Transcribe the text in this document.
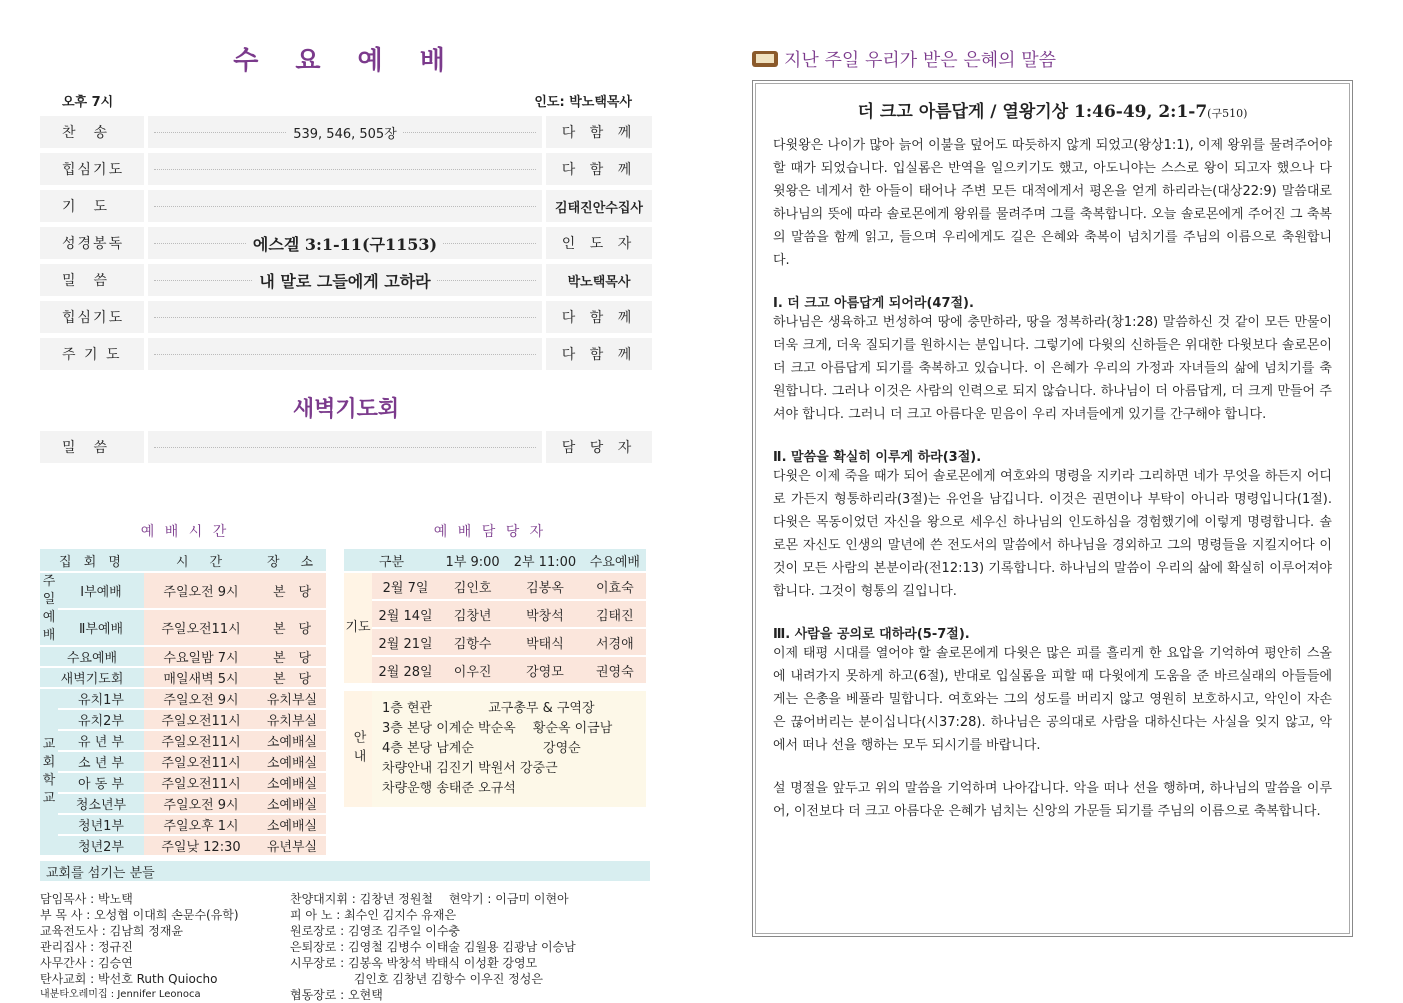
수 요 예 배
오후 7시	인도: 박노택목사
찬　송	539, 546, 505장	다 함 께
힙심기도	다 함 께
기　도	김태진안수집사
성경봉독	에스겔 3:1-11(구1153)	인 도 자
밀　씀	내 말로 그들에게 고하라	박노택목사
힙심기도	다 함 께
주 기 도	다 함 께
새벽기도회
밀　씀	담 당 자
예 배 시 간	예 배 담 당 자
집 회 명		시　간	장　소
주일예배	Ⅰ부예배	주일오전 9시	본　당
	Ⅱ부예배	주일오전11시	본　당
수요예배		수요일밤 7시	본　당
새벽기도회		매일새벽 5시	본　당
교회학교	유치1부	주일오전 9시	유치부실
	유치2부	주일오전11시	유치부실
	유 년 부	주일오전11시	소예배실
	소 년 부	주일오전11시	소예배실
	아 동 부	주일오전11시	소예배실
	청소년부	주일오전 9시	소예배실
	청년1부	주일오후 1시	소예배실
	청년2부	주일낮 12:30	유년부실
구분		1부 9:00	2부 11:00	수요예배
기도	2월 7일	김인호	김봉옥	이효숙
	2월 14일	김창년	박창석	김태진
	2월 21일	김항수	박태식	서경애
	2월 28일	이우진	강영모	권영숙
안내
1층 현관　　　　 교구총무 & 구역장
3층 본당 이계순 박순옥　 황순옥 이금남
4층 본당 남계순　　　　　 강영순
차량안내 김진기 박원서 강중근
차량운행 송태준 오규석
교회를 섬기는 분들
담임목사 : 박노택
부 목 사 : 오성협 이대희 손문수(유학)
교육전도사 : 김남희 정재윤
관리집사 : 정규진
사무간사 : 김승연
탄사교회 : 박선호 Ruth Quiocho
내분타오레미집 : Jennifer Leonoca
찬양대지휘 : 김창년 정원철　 현악기 : 이금미 이현아
피 아 노 : 최수인 김지수 유재은
원로장로 : 김영조 김주일 이수충
은퇴장로 : 김영철 김병수 이태술 김월용 김광남 이승남
시무장로 : 김봉옥 박창석 박태식 이성환 강영모
　　　　　 김인호 김창년 김항수 이우진 정성은
협동장로 : 오현택
지난 주일 우리가 받은 은혜의 말씀
더 크고 아름답게 / 열왕기상 1:46-49, 2:1-7(구510)

다윗왕은 나이가 많아 늙어 이불을 덮어도 따듯하지 않게 되었고(왕상1:1), 이제 왕위를 물려주어야 할 때가 되었습니다. 입실롬은 반역을 일으키기도 했고, 아도니야는 스스로 왕이 되고자 했으나 다윗왕은 네게서 한 아들이 태어나 주변 모든 대적에게서 평온을 얻게 하리라는(대상22:9) 말씀대로 하나님의 뜻에 따라 솔로몬에게 왕위를 물려주며 그를 축복합니다. 오늘 솔로몬에게 주어진 그 축복의 말씀을 함께 읽고, 들으며 우리에게도 길은 은혜와 축복이 넘치기를 주님의 이름으로 축원합니다.

Ⅰ. 더 크고 아름답게 되어라(47절).

하나님은 생육하고 번성하여 땅에 충만하라, 땅을 정복하라(창1:28) 말씀하신 것 같이 모든 만물이 더욱 크게, 더욱 질되기를 원하시는 분입니다. 그렇기에 다윗의 신하들은 위대한 다윗보다 솔로몬이 더 크고 아름답게 되기를 축복하고 있습니다. 이 은혜가 우리의 가정과 자녀들의 삶에 넘치기를 축원합니다. 그러나 이것은 사람의 인력으로 되지 않습니다. 하나님이 더 아름답게, 더 크게 만들어 주셔야 합니다. 그러니 더 크고 아름다운 믿음이 우리 자녀들에게 있기를 간구해야 합니다.

Ⅱ. 말씀을 확실히 이루게 하라(3절).

다윗은 이제 죽을 때가 되어 솔로몬에게 여호와의 명령을 지키라 그리하면 네가 무엇을 하든지 어디로 가든지 형통하리라(3절)는 유언을 남깁니다. 이것은 권면이나 부탁이 아니라 명령입니다(1절). 다윗은 목동이었던 자신을 왕으로 세우신 하나님의 인도하심을 경험했기에 이렇게 명령합니다. 솔로몬 자신도 인생의 말년에 쓴 전도서의 말씀에서 하나님을 경외하고 그의 명령들을 지킬지어다 이것이 모든 사람의 본분이라(전12:13) 기록합니다. 하나님의 말씀이 우리의 삶에 확실히 이루어져야 합니다. 그것이 형통의 길입니다.

Ⅲ. 사람을 공의로 대하라(5-7절).

이제 태평 시대를 열어야 할 솔로몬에게 다윗은 많은 피를 흘리게 한 요압을 기억하여 평안히 스올에 내려가지 못하게 하고(6절), 반대로 입실롬을 피할 때 다윗에게 도움을 준 바르실래의 아들들에게는 은총을 베풀라 밀합니다. 여호와는 그의 성도를 버리지 않고 영원히 보호하시고, 악인이 자손은 끊어버리는 분이십니다(시37:28). 하나님은 공의대로 사람을 대하신다는 사실을 잊지 않고, 악에서 떠나 선을 행하는 모두 되시기를 바랍니다.

설 명절을 앞두고 위의 말씀을 기억하며 나아갑니다. 악을 떠나 선을 행하며, 하나님의 말씀을 이루어, 이전보다 더 크고 아름다운 은혜가 넘치는 신앙의 가문들 되기를 주님의 이름으로 축복합니다.
